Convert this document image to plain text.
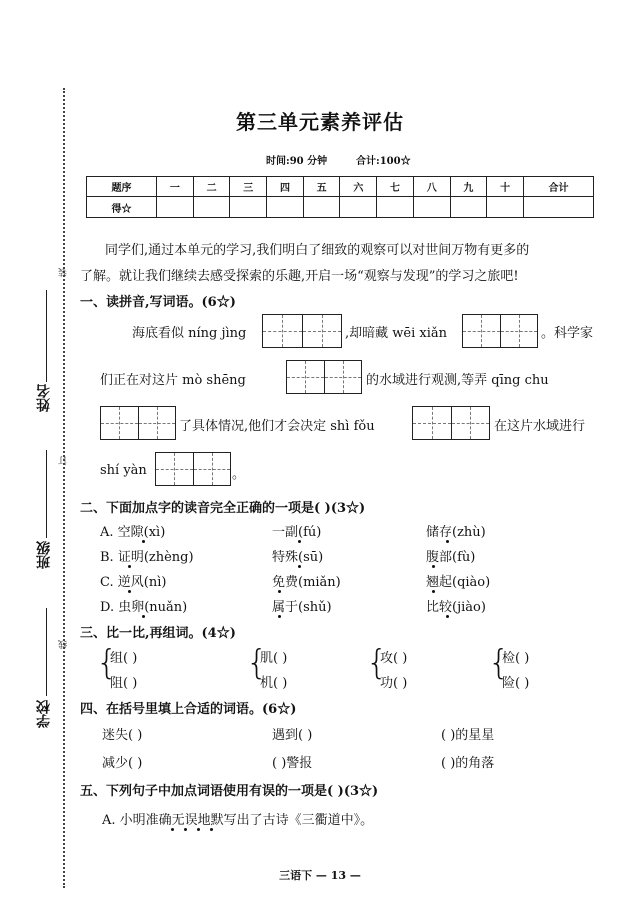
装
订
线
姓名
班级
学校
第三单元素养评估
时间:90 分钟	合计:100☆
题序	一	二	三	四	五	六	七	八	九	十	合计
得☆											
同学们,通过本单元的学习,我们明白了细致的观察可以对世间万物有更多的
了解。就让我们继续去感受探索的乐趣,开启一场“观察与发现”的学习之旅吧!
一、读拼音,写词语。(6☆)
海底看似 níng jìng	,却暗藏 wēi xiǎn	。科学家
们正在对这片 mò shēng	的水域进行观测,等弄 qīng chu
了具体情况,他们才会决定 shì fǒu	在这片水域进行
shí yàn	。
二、下面加点字的读音完全正确的一项是( )(3☆)
A. 空隙(xì)	一副(fú)	储存(zhù)
B. 证明(zhèng)	特殊(sū)	腹部(fù)
C. 逆风(nì)	免费(miǎn)	翘起(qiào)
D. 虫卵(nuǎn)	属于(shǔ)	比较(jiào)
三、比一比,再组词。(4☆)
{
组( )
阻( )
{
肌( )
机( )
{
攻( )
功( )
{
检( )
险( )
四、在括号里填上合适的词语。(6☆)
迷失( )	遇到( )	( )的星星
减少( )	( )警报	( )的角落
五、下列句子中加点词语使用有误的一项是( )(3☆)
A. 小明准确无误地默写出了古诗《三衢道中》。
三语下 — 13 —
